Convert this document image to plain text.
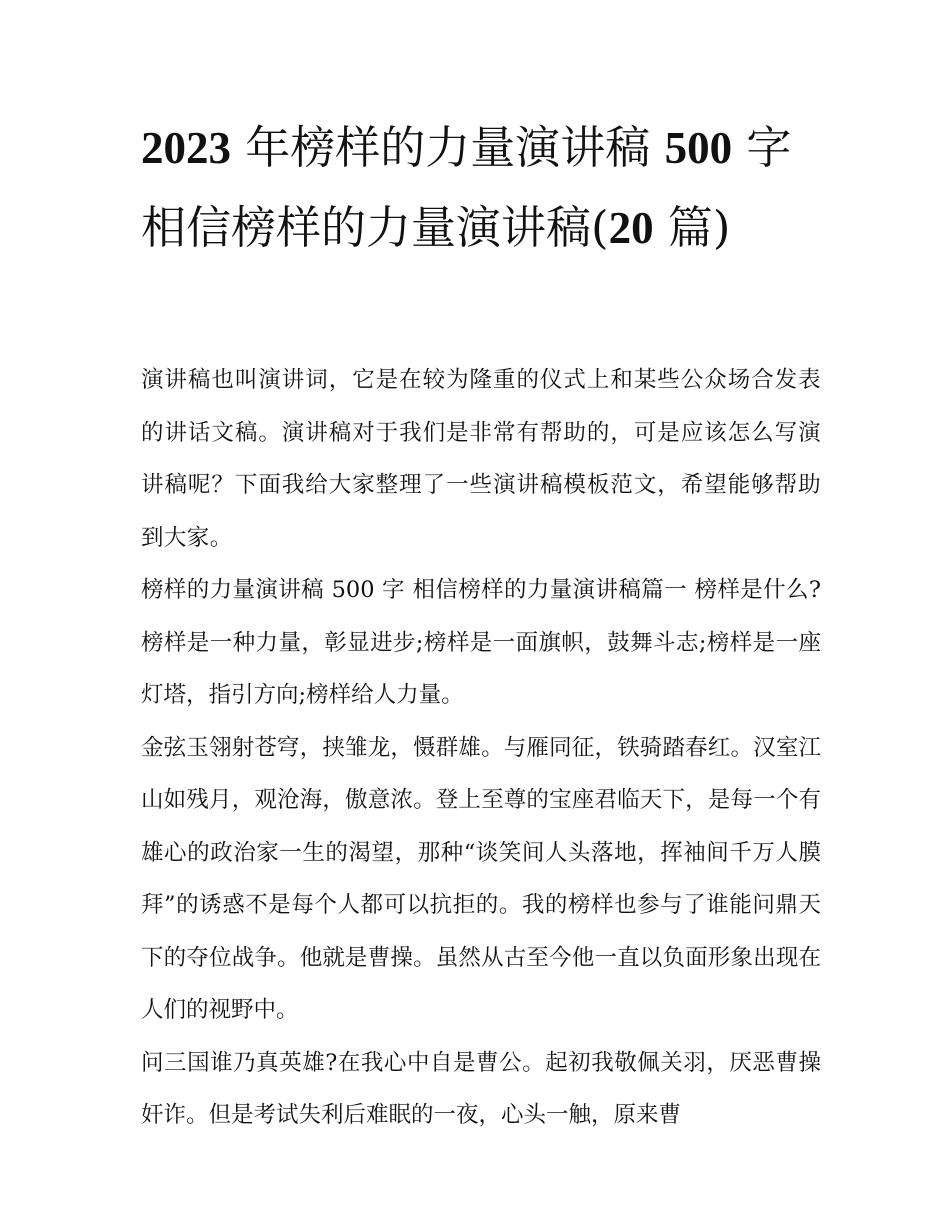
2023 年榜样的力量演讲稿 500 字 相信榜样的力量演讲稿(20 篇)

演讲稿也叫演讲词，它是在较为隆重的仪式上和某些公众场合发表的讲话文稿。演讲稿对于我们是非常有帮助的，可是应该怎么写演讲稿呢？下面我给大家整理了一些演讲稿模板范文，希望能够帮助到大家。

榜样的力量演讲稿 500 字 相信榜样的力量演讲稿篇一 榜样是什么?榜样是一种力量，彰显进步;榜样是一面旗帜，鼓舞斗志;榜样是一座灯塔，指引方向;榜样给人力量。

金弦玉翎射苍穹，挟雏龙，慑群雄。与雁同征，铁骑踏春红。汉室江山如残月，观沧海，傲意浓。登上至尊的宝座君临天下，是每一个有雄心的政治家一生的渴望，那种“谈笑间人头落地，挥袖间千万人膜拜”的诱惑不是每个人都可以抗拒的。我的榜样也参与了谁能问鼎天下的夺位战争。他就是曹操。虽然从古至今他一直以负面形象出现在人们的视野中。

问三国谁乃真英雄?在我心中自是曹公。起初我敬佩关羽，厌恶曹操奸诈。但是考试失利后难眠的一夜，心头一触，原来曹
